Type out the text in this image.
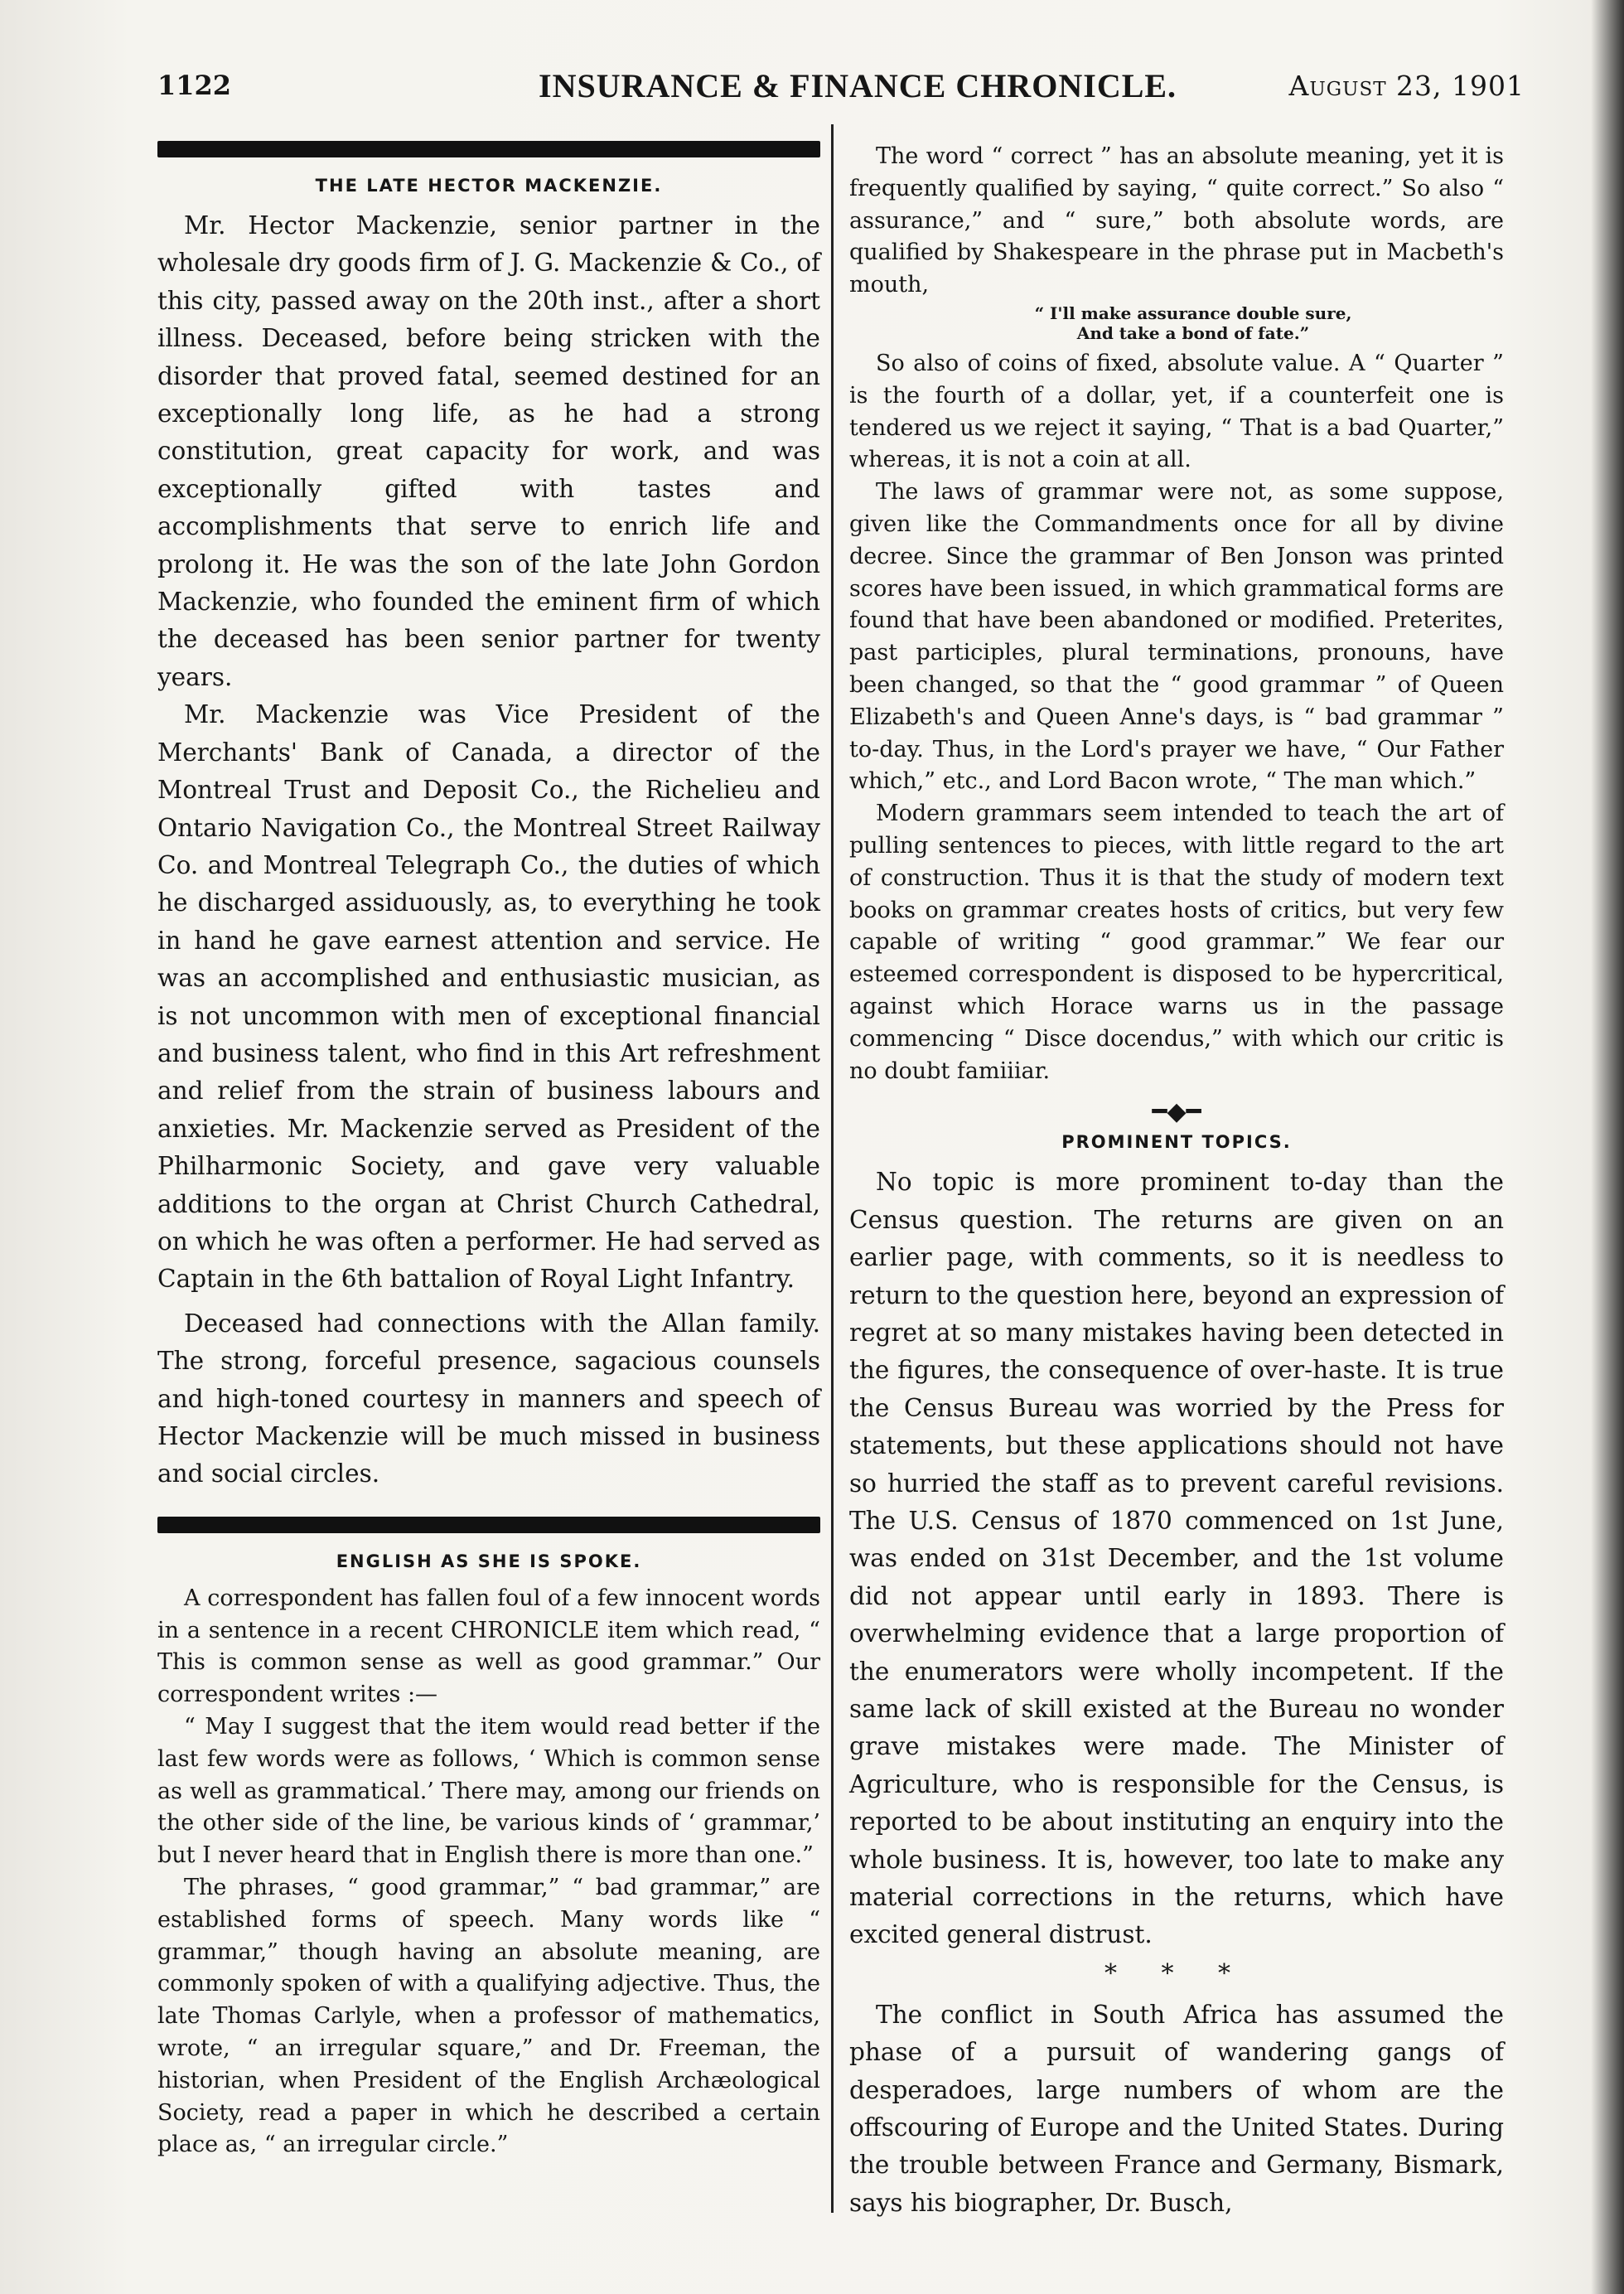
1122	INSURANCE & FINANCE CHRONICLE.	August 23, 1901
THE LATE HECTOR MACKENZIE.

Mr. Hector Mackenzie, senior partner in the wholesale dry goods firm of J. G. Mackenzie & Co., of this city, passed away on the 20th inst., after a short illness. Deceased, before being stricken with the disorder that proved fatal, seemed destined for an exceptionally long life, as he had a strong constitution, great capacity for work, and was exceptionally gifted with tastes and accomplishments that serve to enrich life and prolong it. He was the son of the late John Gordon Mackenzie, who founded the eminent firm of which the deceased has been senior partner for twenty years.

Mr. Mackenzie was Vice President of the Merchants' Bank of Canada, a director of the Montreal Trust and Deposit Co., the Richelieu and Ontario Navigation Co., the Montreal Street Railway Co. and Montreal Telegraph Co., the duties of which he discharged assiduously, as, to everything he took in hand he gave earnest attention and service. He was an accomplished and enthusiastic musician, as is not uncommon with men of exceptional financial and business talent, who find in this Art refreshment and relief from the strain of business labours and anxieties. Mr. Mackenzie served as President of the Philharmonic Society, and gave very valuable additions to the organ at Christ Church Cathedral, on which he was often a performer. He had served as Captain in the 6th battalion of Royal Light Infantry.

Deceased had connections with the Allan family. The strong, forceful presence, sagacious counsels and high-toned courtesy in manners and speech of Hector Mackenzie will be much missed in business and social circles.

ENGLISH AS SHE IS SPOKE.

A correspondent has fallen foul of a few innocent words in a sentence in a recent CHRONICLE item which read, “ This is common sense as well as good grammar.” Our correspondent writes :—

“ May I suggest that the item would read better if the last few words were as follows, ‘ Which is common sense as well as grammatical.’ There may, among our friends on the other side of the line, be various kinds of ‘ grammar,’ but I never heard that in English there is more than one.”

The phrases, “ good grammar,” “ bad grammar,” are established forms of speech. Many words like “ grammar,” though having an absolute meaning, are commonly spoken of with a qualifying adjective. Thus, the late Thomas Carlyle, when a professor of mathematics, wrote, “ an irregular square,” and Dr. Freeman, the historian, when President of the English Archæological Society, read a paper in which he described a certain place as, “ an irregular circle.”

The word “ correct ” has an absolute meaning, yet it is frequently qualified by saying, “ quite correct.” So also “ assurance,” and “ sure,” both absolute words, are qualified by Shakespeare in the phrase put in Macbeth's mouth,

“ I'll make assurance double sure,
And take a bond of fate.”

So also of coins of fixed, absolute value. A “ Quarter ” is the fourth of a dollar, yet, if a counterfeit one is tendered us we reject it saying, “ That is a bad Quarter,” whereas, it is not a coin at all.

The laws of grammar were not, as some suppose, given like the Commandments once for all by divine decree. Since the grammar of Ben Jonson was printed scores have been issued, in which grammatical forms are found that have been abandoned or modified. Preterites, past participles, plural terminations, pronouns, have been changed, so that the “ good grammar ” of Queen Elizabeth's and Queen Anne's days, is “ bad grammar ” to-day. Thus, in the Lord's prayer we have, “ Our Father which,” etc., and Lord Bacon wrote, “ The man which.”

Modern grammars seem intended to teach the art of pulling sentences to pieces, with little regard to the art of construction. Thus it is that the study of modern text books on grammar creates hosts of critics, but very few capable of writing “ good grammar.” We fear our esteemed correspondent is disposed to be hypercritical, against which Horace warns us in the passage commencing “ Disce docendus,” with which our critic is no doubt famiiiar.

━◆━
PROMINENT TOPICS.

No topic is more prominent to-day than the Census question. The returns are given on an earlier page, with comments, so it is needless to return to the question here, beyond an expression of regret at so many mistakes having been detected in the figures, the consequence of over-haste. It is true the Census Bureau was worried by the Press for statements, but these applications should not have so hurried the staff as to prevent careful revisions. The U.S. Census of 1870 commenced on 1st June, was ended on 31st December, and the 1st volume did not appear until early in 1893. There is overwhelming evidence that a large proportion of the enumerators were wholly incompetent. If the same lack of skill existed at the Bureau no wonder grave mistakes were made. The Minister of Agriculture, who is responsible for the Census, is reported to be about instituting an enquiry into the whole business. It is, however, too late to make any material corrections in the returns, which have excited general distrust.

* * *

The conflict in South Africa has assumed the phase of a pursuit of wandering gangs of desperadoes, large numbers of whom are the offscouring of Europe and the United States. During the trouble between France and Germany, Bismark, says his biographer, Dr. Busch,
